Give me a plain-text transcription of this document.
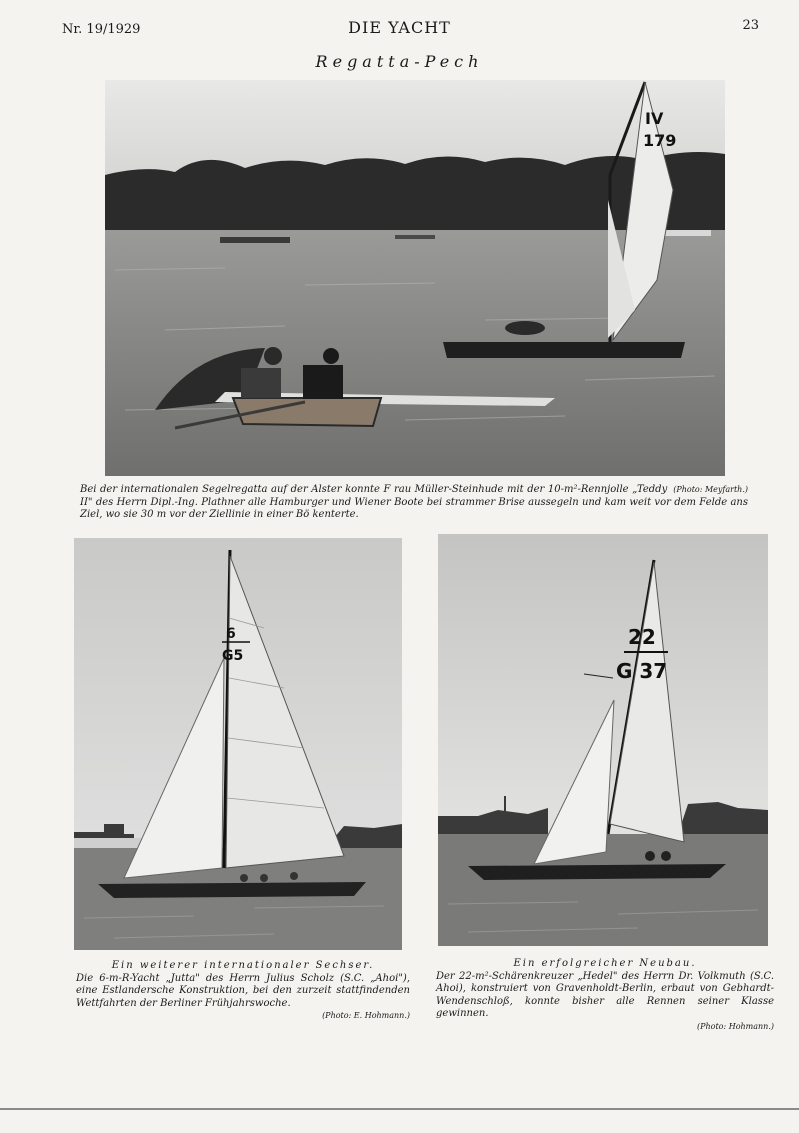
Nr. 19/1929	DIE YACHT	23
Regatta-Pech
IV
179
(Photo: Meyfarth.)
Bei der internationalen Segelregatta auf der Alster konnte F rau Müller-Steinhude mit der 10-m²-Rennjolle „Teddy II" des Herrn Dipl.-Ing. Plathner alle Hamburger und Wiener Boote bei strammer Brise aussegeln und kam weit vor dem Felde ans Ziel, wo sie 30 m vor der Ziellinie in einer Bö kenterte.
6
G5
22
G 37
Ein weiterer internationaler Sechser.
Die 6-m-R-Yacht „Jutta" des Herrn Julius Scholz (S.C. „Ahoi"), eine Estlandersche Konstruktion, bei den zurzeit stattfindenden Wettfahrten der Berliner Frühjahrswoche.
(Photo: E. Hohmann.)
Ein erfolgreicher Neubau.
Der 22-m²-Schärenkreuzer „Hedel" des Herrn Dr. Volkmuth (S.C. Ahoi), konstruiert von Gravenholdt-Berlin, erbaut von Gebhardt-Wendenschloß, konnte bisher alle Rennen seiner Klasse gewinnen.
(Photo: Hohmann.)
